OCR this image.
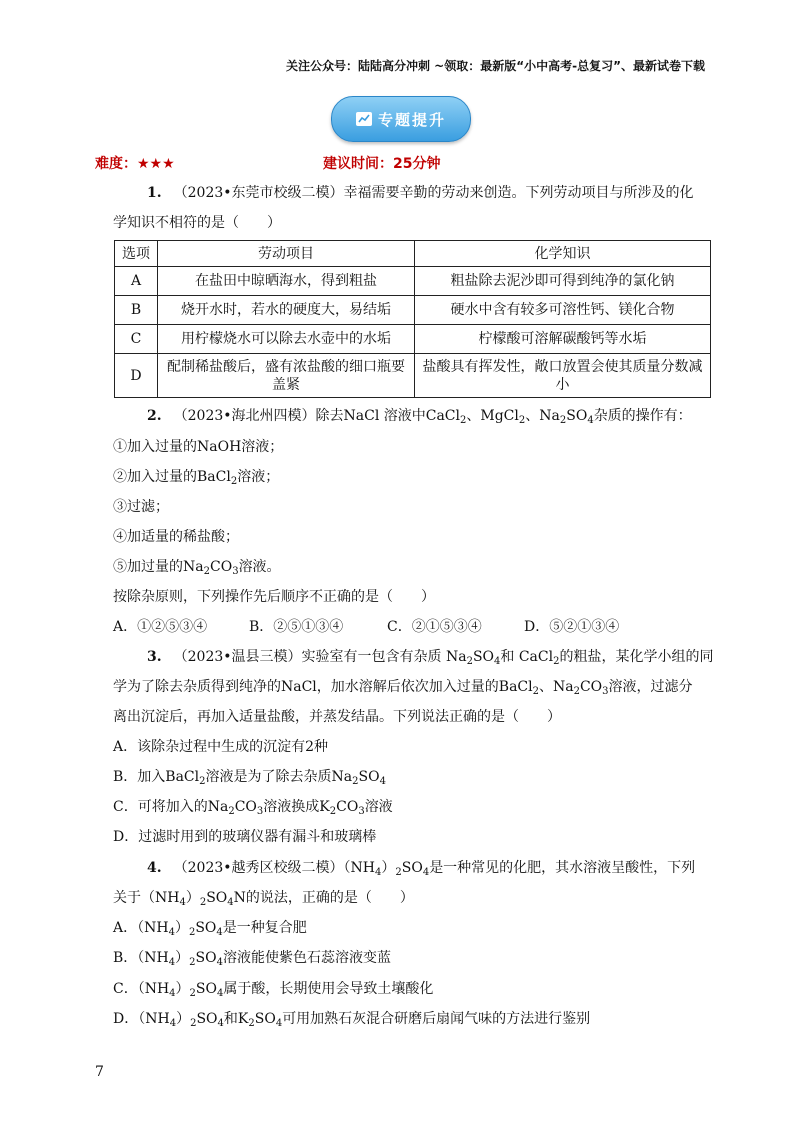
关注公众号：陆陆高分冲刺 ~领取：最新版“小中高考-总复习”、最新试卷下载
专题提升
难度：★★★	建议时间：25分钟
1. （2023•东莞市校级二模）幸福需要辛勤的劳动来创造。下列劳动项目与所涉及的化
学知识不相符的是（　　）
选项	劳动项目	化学知识
A	在盐田中晾晒海水，得到粗盐	粗盐除去泥沙即可得到纯净的氯化钠
B	烧开水时，若水的硬度大，易结垢	硬水中含有较多可溶性钙、镁化合物
C	用柠檬烧水可以除去水壶中的水垢	柠檬酸可溶解碳酸钙等水垢
D	配制稀盐酸后，盛有浓盐酸的细口瓶要盖紧	盐酸具有挥发性，敞口放置会使其质量分数减小
2. （2023•海北州四模）除去NaCl 溶液中CaCl$_2$、MgCl$_2$、$Na_2SO_4$杂质的操作有：
①加入过量的NaOH溶液；
②加入过量的BaCl$_2$溶液；
③过滤；
④加适量的稀盐酸；
⑤加过量的$Na_2CO_3$溶液。
按除杂原则，下列操作先后顺序不正确的是（　　）
A．①②⑤③④	B．②⑤①③④	C．②①⑤③④	D．⑤②①③④
3. （2023•温县三模）实验室有一包含有杂质 $Na_2SO_4$和 CaCl$_2$的粗盐，某化学小组的同
学为了除去杂质得到纯净的NaCl，加水溶解后依次加入过量的BaCl$_2$、$Na_2CO_3$溶液，过滤分
离出沉淀后，再加入适量盐酸，并蒸发结晶。下列说法正确的是（　　）
A．该除杂过程中生成的沉淀有2种
B．加入BaCl$_2$溶液是为了除去杂质$Na_2SO_4$
C．可将加入的$Na_2CO_3$溶液换成$K_2CO_3$溶液
D．过滤时用到的玻璃仪器有漏斗和玻璃棒
4. （2023•越秀区校级二模）$(NH_4)_2SO_4$是一种常见的化肥，其水溶液呈酸性，下列
关于$(NH_4)_2SO_4N$的说法，正确的是（　　）
A．$(NH_4)_2SO_4$是一种复合肥
B．$(NH_4)_2SO_4$溶液能使紫色石蕊溶液变蓝
C．$(NH_4)_2SO_4$属于酸，长期使用会导致土壤酸化
D．$(NH_4)_2SO_4$和$K_2SO_4$可用加熟石灰混合研磨后扇闻气味的方法进行鉴别
7
